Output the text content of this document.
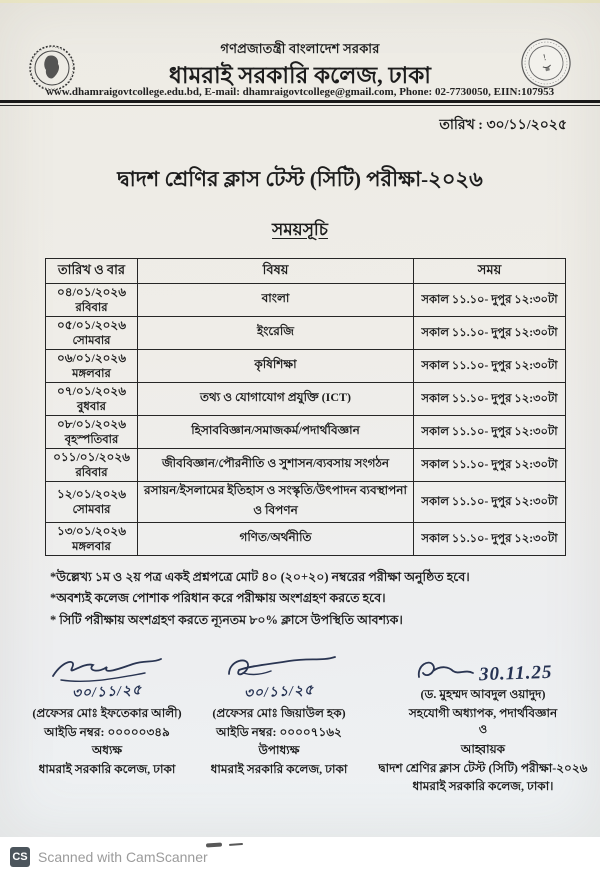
!
গণপ্রজাতন্ত্রী বাংলাদেশ সরকার
ধামরাই সরকারি কলেজ, ঢাকা
www.dhamraigovtcollege.edu.bd, E-mail: dhamraigovtcollege@gmail.com, Phone: 02-7730050, EIIN:107953
তারিখ : ৩০/১১/২০২৫
দ্বাদশ শ্রেণির ক্লাস টেস্ট (সিটি) পরীক্ষা-২০২৬
সময়সূচি
তারিখ ও বার	বিষয়	সময়
০৪/০১/২০২৬
রবিবার	বাংলা	সকাল ১১.১০- দুপুর ১২:৩০টা
০৫/০১/২০২৬
সোমবার	ইংরেজি	সকাল ১১.১০- দুপুর ১২:৩০টা
০৬/০১/২০২৬
মঙ্গলবার	কৃষিশিক্ষা	সকাল ১১.১০- দুপুর ১২:৩০টা
০৭/০১/২০২৬
বুধবার	তথ্য ও যোগাযোগ প্রযুক্তি (ICT)	সকাল ১১.১০- দুপুর ১২:৩০টা
০৮/০১/২০২৬
বৃহস্পতিবার	হিসাববিজ্ঞান/সমাজকর্ম/পদার্থবিজ্ঞান	সকাল ১১.১০- দুপুর ১২:৩০টা
০১১/০১/২০২৬
রবিবার	জীববিজ্ঞান/পৌরনীতি ও সুশাসন/ব্যবসায় সংগঠন	সকাল ১১.১০- দুপুর ১২:৩০টা
১২/০১/২০২৬
সোমবার	রসায়ন/ইসলামের ইতিহাস ও সংস্কৃতি/উৎপাদন ব্যবস্থাপনা ও বিপণন	সকাল ১১.১০- দুপুর ১২:৩০টা
১৩/০১/২০২৬
মঙ্গলবার	গণিত/অর্থনীতি	সকাল ১১.১০- দুপুর ১২:৩০টা

*উল্লেখ্য ১ম ও ২য় পত্র একই প্রশ্নপত্রে মোট ৪০ (২০+২০) নম্বরের পরীক্ষা অনুষ্ঠিত হবে।

*অবশ্যই কলেজ পোশাক পরিধান করে পরীক্ষায় অংশগ্রহণ করতে হবে।

* সিটি পরীক্ষায় অংশগ্রহণ করতে ন্যূনতম ৮০% ক্লাসে উপস্থিতি আবশ্যক।

৩০/১১/২৫
(প্রফেসর মোঃ ইফতেকার আলী)
আইডি নম্বর: ০০০০০৩৪৯
অধ্যক্ষ
ধামরাই সরকারি কলেজ, ঢাকা
৩০/১১/২৫
(প্রফেসর মোঃ জিয়াউল হক)
আইডি নম্বর: ০০০০৭১৬২
উপাধ্যক্ষ
ধামরাই সরকারি কলেজ, ঢাকা
30.11.25
(ড. মুহম্মদ আবদুল ওয়াদুদ)
সহযোগী অধ্যাপক, পদার্থবিজ্ঞান
ও
আহ্বায়ক
দ্বাদশ শ্রেণির ক্লাস টেস্ট (সিটি) পরীক্ষা-২০২৬
ধামরাই সরকারি কলেজ, ঢাকা।
CS Scanned with CamScanner
